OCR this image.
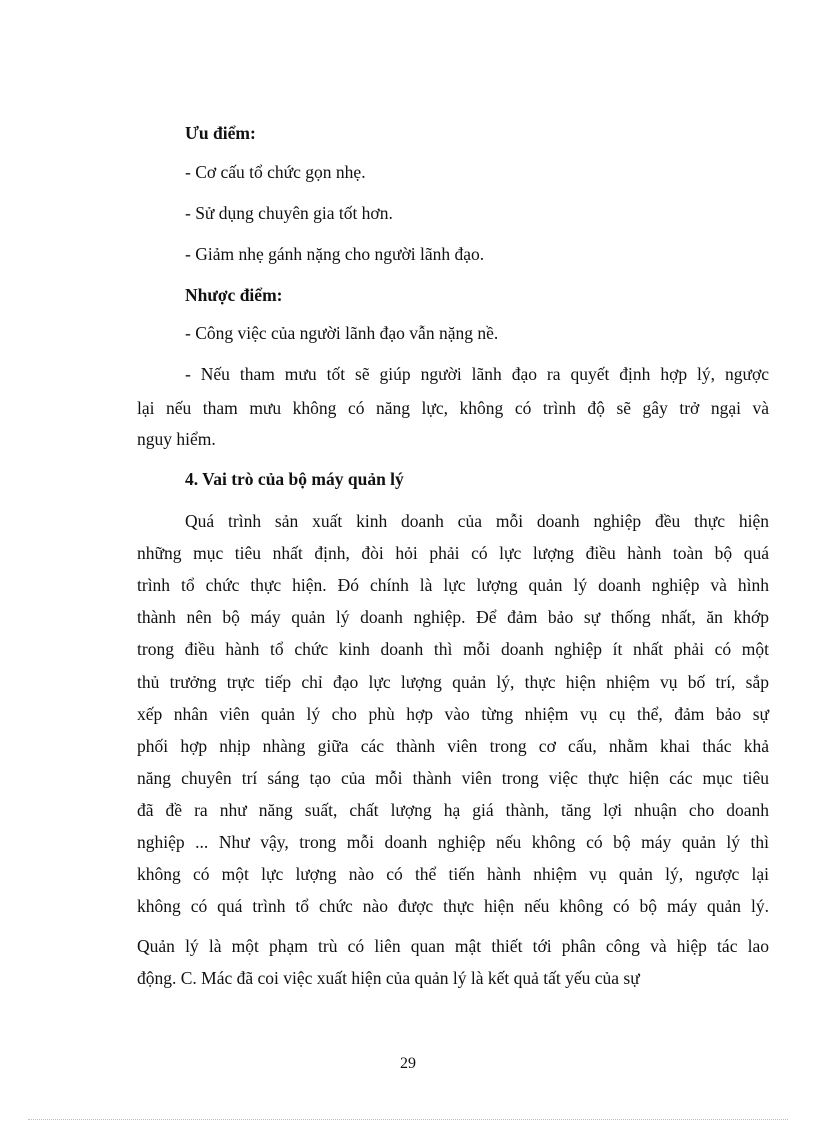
Ưu điểm:
- Cơ cấu tổ chức gọn nhẹ.
- Sử dụng chuyên gia tốt hơn.
- Giảm nhẹ gánh nặng cho người lãnh đạo.
Nhược điểm:
- Công việc của người lãnh đạo vẫn nặng nề.
- Nếu tham mưu tốt sẽ giúp người lãnh đạo ra quyết định hợp lý, ngược
lại nếu tham mưu không có năng lực, không có trình độ sẽ gây trở ngại và
nguy hiểm.
4. Vai trò của bộ máy quản lý
Quá trình sản xuất kinh doanh của mỗi doanh nghiệp đều thực hiện
những mục tiêu nhất định, đòi hỏi phải có lực lượng điều hành toàn bộ quá
trình tổ chức thực hiện. Đó chính là lực lượng quản lý doanh nghiệp và hình
thành nên bộ máy quản lý doanh nghiệp. Để đảm bảo sự thống nhất, ăn khớp
trong điều hành tổ chức kinh doanh thì mỗi doanh nghiệp ít nhất phải có một
thủ trưởng trực tiếp chỉ đạo lực lượng quản lý, thực hiện nhiệm vụ bố trí, sắp
xếp nhân viên quản lý cho phù hợp vào từng nhiệm vụ cụ thể, đảm bảo sự
phối hợp nhịp nhàng giữa các thành viên trong cơ cấu, nhằm khai thác khả
năng chuyên trí sáng tạo của mỗi thành viên trong việc thực hiện các mục tiêu
đã đề ra như năng suất, chất lượng hạ giá thành, tăng lợi nhuận cho doanh
nghiệp ... Như vậy, trong mỗi doanh nghiệp nếu không có bộ máy quản lý thì
không có một lực lượng nào có thể tiến hành nhiệm vụ quản lý, ngược lại
không có quá trình tổ chức nào được thực hiện nếu không có bộ máy quản lý.
Quản lý là một phạm trù có liên quan mật thiết tới phân công và hiệp tác lao
động. C. Mác đã coi việc xuất hiện của quản lý là kết quả tất yếu của sự
29
